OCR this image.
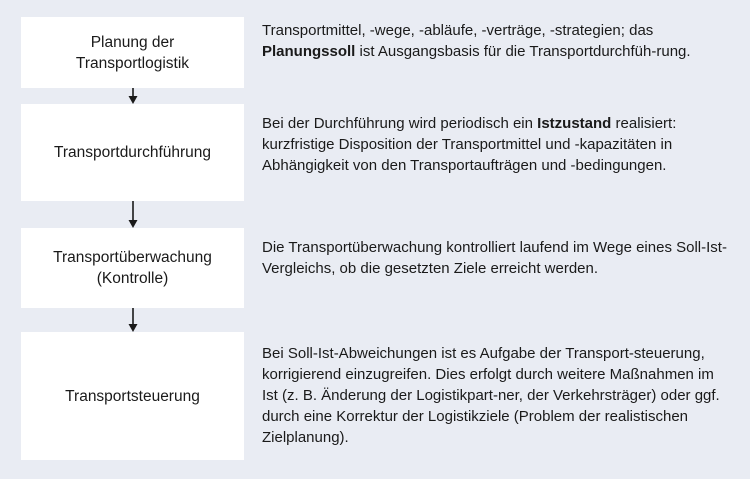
Planung der
Transportlogistik
Transportdurchführung
Transportüberwachung
(Kontrolle)
Transportsteuerung
Transportmittel, -wege, -abläufe, -verträge, -strategien; das Planungssoll ist Ausgangsbasis für die Transportdurchfüh-rung.
Bei der Durchführung wird periodisch ein Istzustand realisiert: kurzfristige Disposition der Transportmittel und -kapazitäten in Abhängigkeit von den Transportaufträgen und -bedingungen.
Die Transportüberwachung kontrolliert laufend im Wege eines Soll-Ist-Vergleichs, ob die gesetzten Ziele erreicht werden.
Bei Soll-Ist-Abweichungen ist es Aufgabe der Transport-steuerung, korrigierend einzugreifen. Dies erfolgt durch weitere Maßnahmen im Ist (z. B. Änderung der Logistikpart-ner, der Verkehrsträger) oder ggf. durch eine Korrektur der Logistikziele (Problem der realistischen Zielplanung).
